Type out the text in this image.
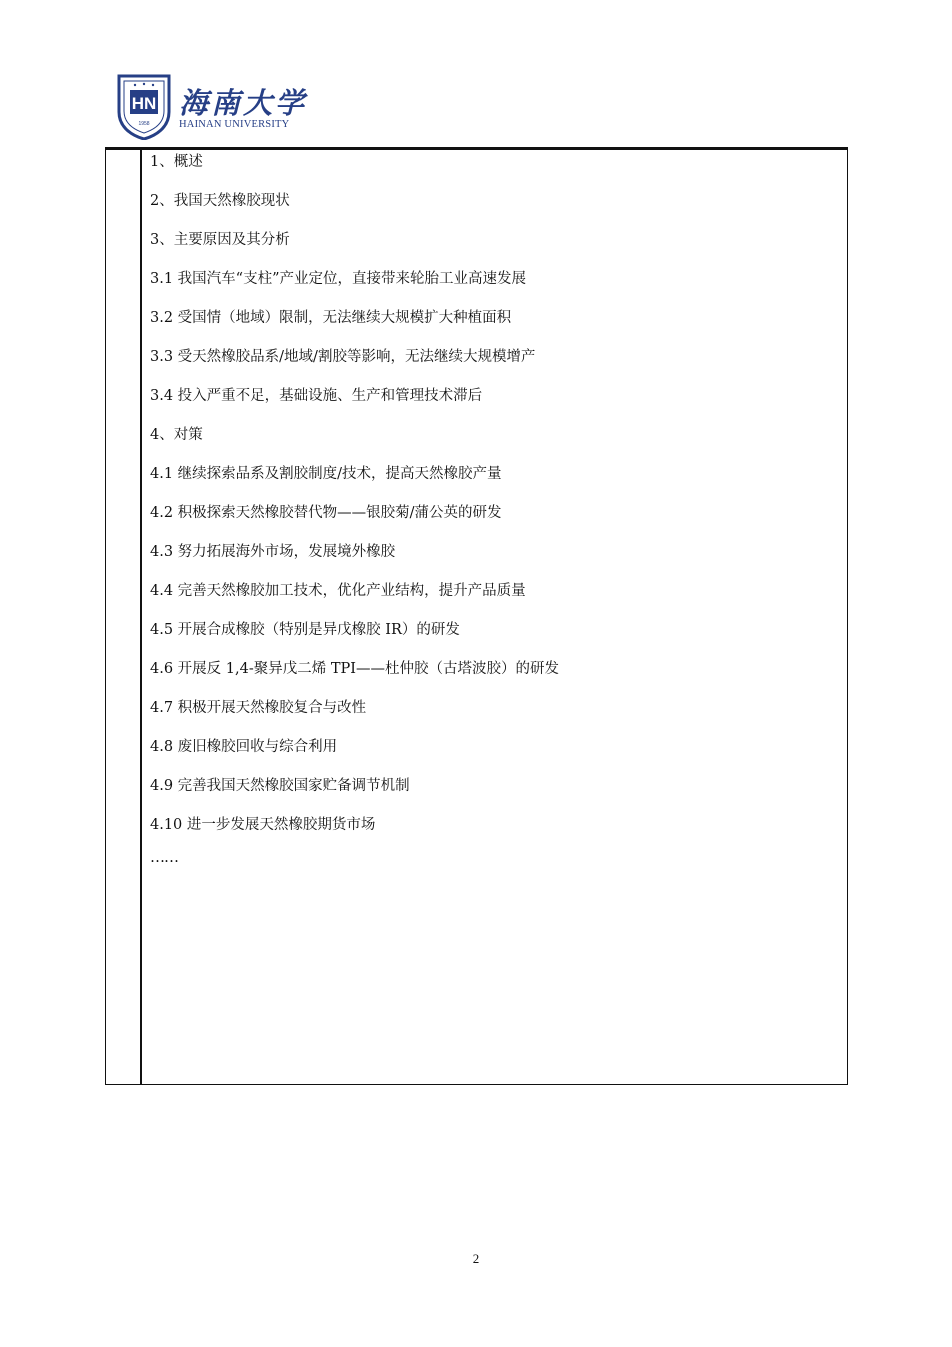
HN
1958
海南大学
HAINAN UNIVERSITY
1、概述
2、我国天然橡胶现状
3、主要原因及其分析
3.1 我国汽车“支柱”产业定位，直接带来轮胎工业高速发展
3.2 受国情（地域）限制，无法继续大规模扩大种植面积
3.3 受天然橡胶品系/地域/割胶等影响，无法继续大规模增产
3.4 投入严重不足，基础设施、生产和管理技术滞后
4、对策
4.1 继续探索品系及割胶制度/技术，提高天然橡胶产量
4.2 积极探索天然橡胶替代物——银胶菊/蒲公英的研发
4.3 努力拓展海外市场，发展境外橡胶
4.4 完善天然橡胶加工技术，优化产业结构，提升产品质量
4.5 开展合成橡胶（特别是异戊橡胶 IR）的研发
4.6 开展反 1,4-聚异戊二烯 TPI——杜仲胶（古塔波胶）的研发
4.7 积极开展天然橡胶复合与改性
4.8 废旧橡胶回收与综合利用
4.9 完善我国天然橡胶国家贮备调节机制
4.10 进一步发展天然橡胶期货市场
……
2
